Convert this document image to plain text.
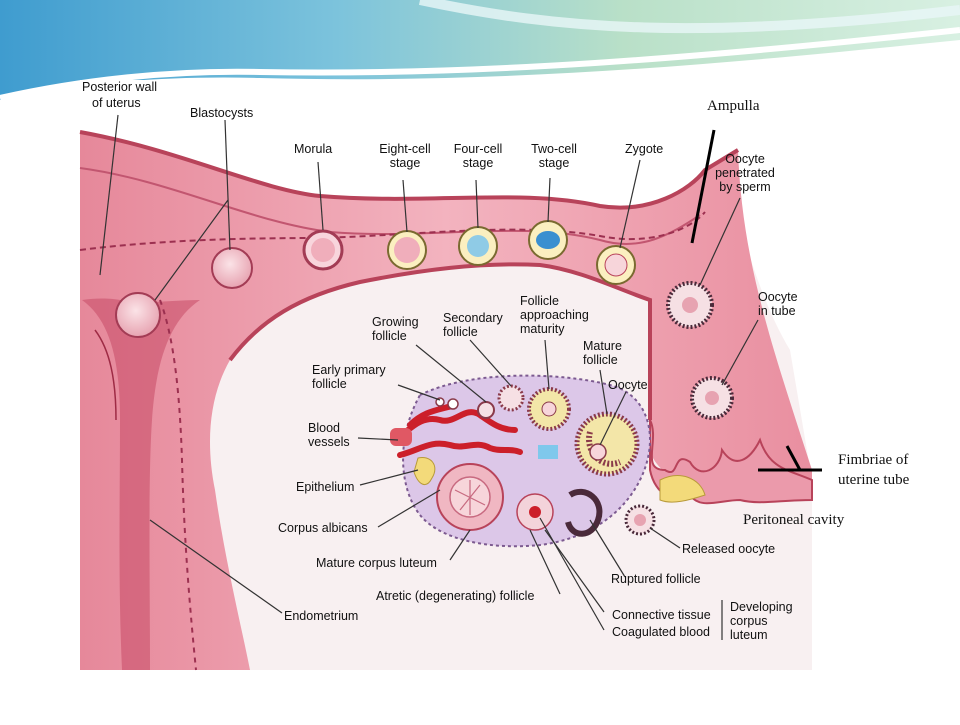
Posterior wall
of uterus
Blastocysts
Morula	Eight-cell
stage
Four-cell
stage
Two-cell
stage
Zygote
Oocyte
penetrated
by sperm
Oocyte
in tube
Growing
follicle
Secondary
follicle
Follicle
approaching
maturity
Mature
follicle
Early primary
follicle	Oocyte
Blood
vessels
Epithelium
Corpus albicans
Mature corpus luteum
Atretic (degenerating) follicle
Endometrium
Released oocyte
Ruptured follicle
Connective tissue
Coagulated blood
Developing
corpus
luteum
Ampulla
Fimbriae of
uterine tube
Peritoneal cavity
